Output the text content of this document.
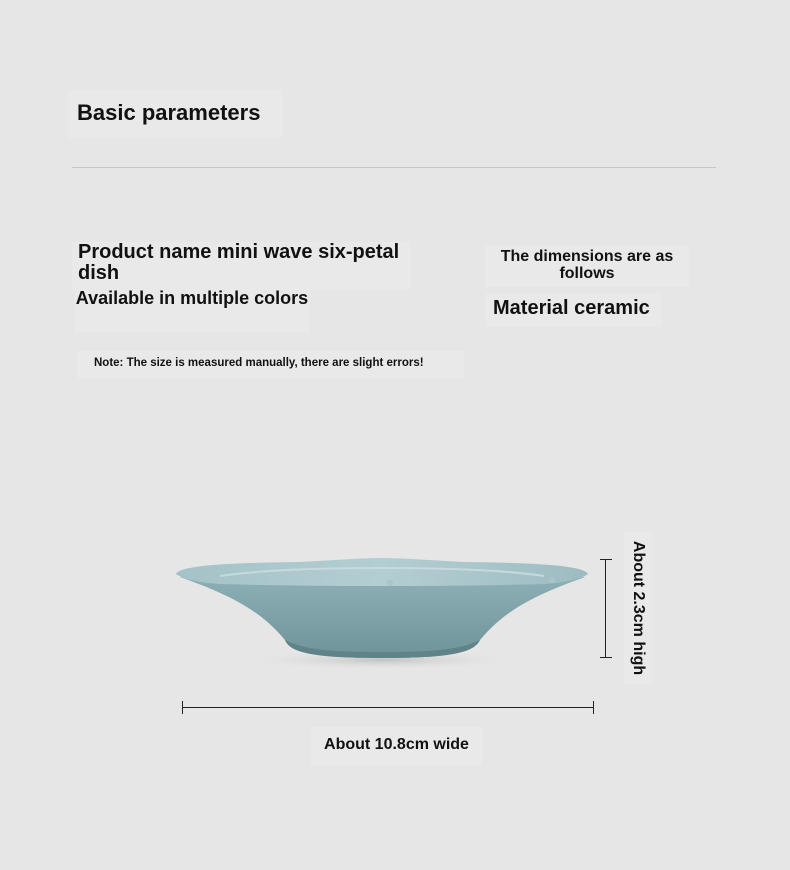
Basic parameters
Product name mini wave six-petal dish
Available in multiple colors
The dimensions are as follows
Material ceramic
Note: The size is measured manually, there are slight errors!
About 10.8cm wide
About 2.3cm high
